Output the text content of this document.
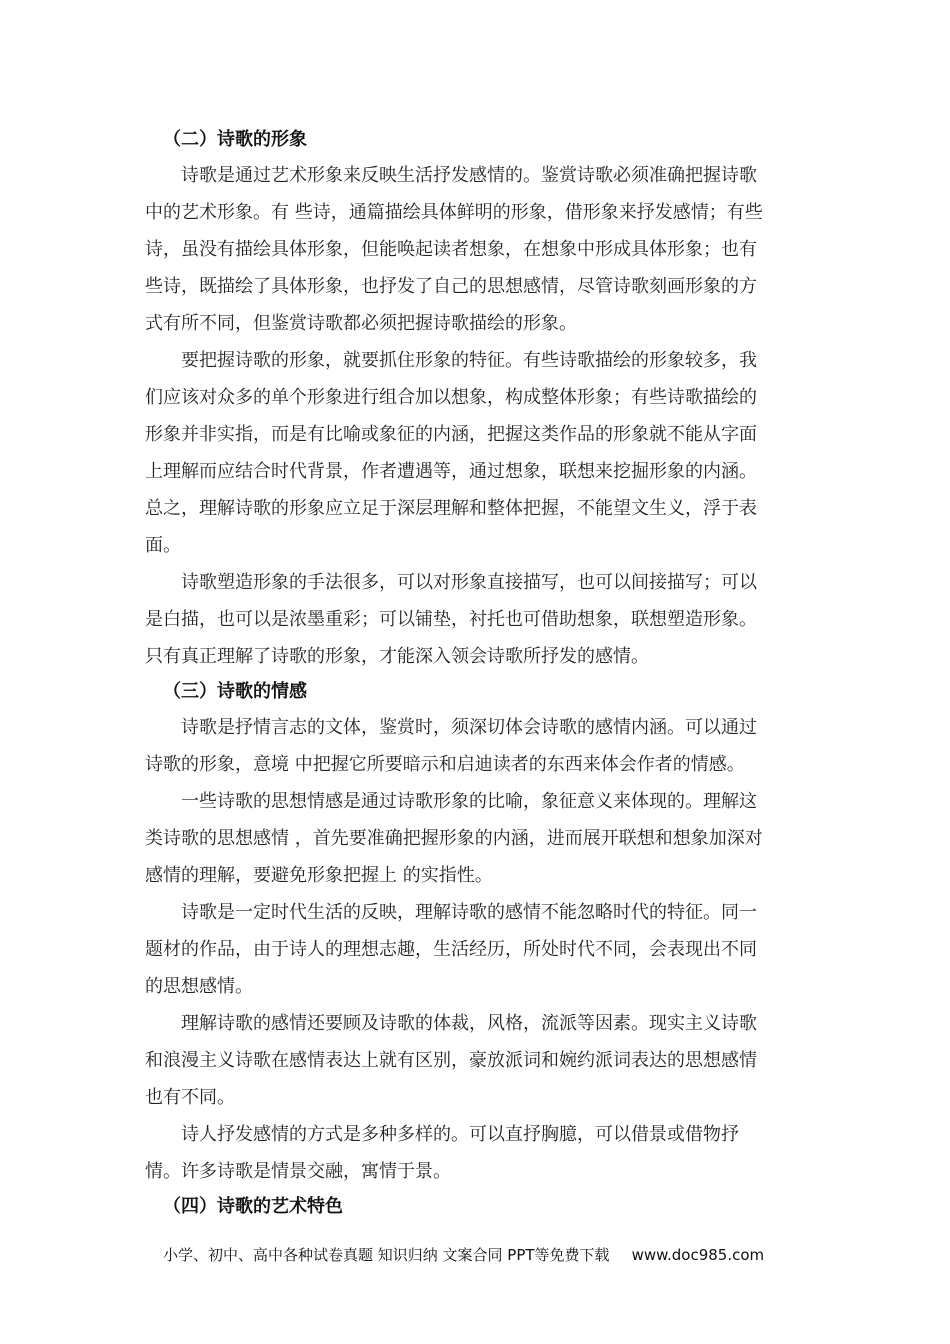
（二）诗歌的形象

　　诗歌是通过艺术形象来反映生活抒发感情的。鉴赏诗歌必须准确把握诗歌

中的艺术形象。有 些诗，通篇描绘具体鲜明的形象，借形象来抒发感情；有些

诗，虽没有描绘具体形象，但能唤起读者想象，在想象中形成具体形象；也有

些诗，既描绘了具体形象，也抒发了自己的思想感情，尽管诗歌刻画形象的方

式有所不同，但鉴赏诗歌都必须把握诗歌描绘的形象。

　　要把握诗歌的形象，就要抓住形象的特征。有些诗歌描绘的形象较多，我

们应该对众多的单个形象进行组合加以想象，构成整体形象；有些诗歌描绘的

形象并非实指，而是有比喻或象征的内涵，把握这类作品的形象就不能从字面

上理解而应结合时代背景，作者遭遇等，通过想象，联想来挖掘形象的内涵。

总之，理解诗歌的形象应立足于深层理解和整体把握，不能望文生义，浮于表

面。

　　诗歌塑造形象的手法很多，可以对形象直接描写，也可以间接描写；可以

是白描，也可以是浓墨重彩；可以铺垫，衬托也可借助想象，联想塑造形象。

只有真正理解了诗歌的形象，才能深入领会诗歌所抒发的感情。

（三）诗歌的情感

　　诗歌是抒情言志的文体，鉴赏时，须深切体会诗歌的感情内涵。可以通过

诗歌的形象，意境 中把握它所要暗示和启迪读者的东西来体会作者的情感。

　　一些诗歌的思想情感是通过诗歌形象的比喻，象征意义来体现的。理解这

类诗歌的思想感情 ，首先要准确把握形象的内涵，进而展开联想和想象加深对

感情的理解，要避免形象把握上 的实指性。

　　诗歌是一定时代生活的反映，理解诗歌的感情不能忽略时代的特征。同一

题材的作品，由于诗人的理想志趣，生活经历，所处时代不同，会表现出不同

的思想感情。

　　理解诗歌的感情还要顾及诗歌的体裁，风格，流派等因素。现实主义诗歌

和浪漫主义诗歌在感情表达上就有区别，豪放派词和婉约派词表达的思想感情

也有不同。

　　诗人抒发感情的方式是多种多样的。可以直抒胸臆，可以借景或借物抒

情。许多诗歌是情景交融，寓情于景。

（四）诗歌的艺术特色
小学、初中、高中各种试卷真题 知识归纳 文案合同 PPT等免费下载 www.doc985.com
